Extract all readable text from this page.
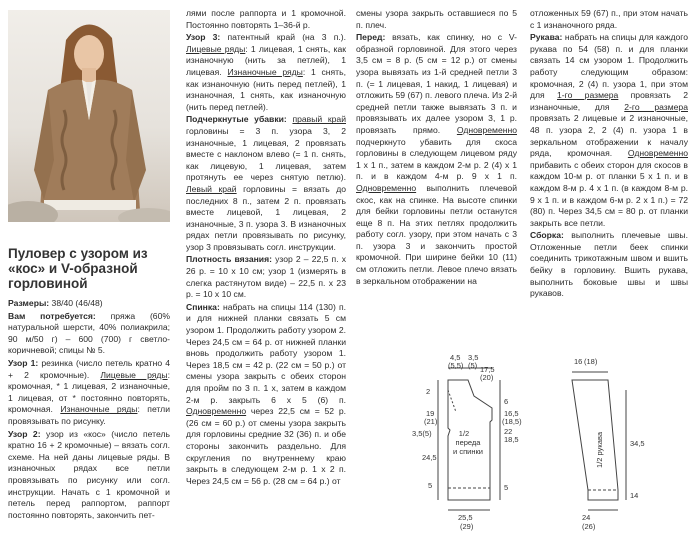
Пуловер с узором из «кос» и V-образной горловиной

Размеры: 38/40 (46/48)

Вам потребуется: пряжа (60% натуральной шерсти, 40% полиакрила; 90 м/50 г) – 600 (700) г светло-коричневой; спицы № 5.

Узор 1: резинка (число петель кратно 4 + 2 кромочные). Лицевые ряды: кромочная, * 1 лицевая, 2 изнаночные, 1 лицевая, от * постоянно повторять, кромочная. Изнаночные ряды: петли провязывать по рисунку.

Узор 2: узор из «кос» (число петель кратно 16 + 2 кромочные) – вязать согл. схеме. На ней даны лицевые ряды. В изнаночных рядах все петли провязывать по рисунку или согл. инструкции. Начать с 1 кромочной и петель перед раппортом, раппорт постоянно повторять, закончить пет-

лями после раппорта и 1 кромочной. Постоянно повторять 1–36-й р.

Узор 3: патентный край (на 3 п.). Лицевые ряды: 1 лицевая, 1 снять, как изнаночную (нить за петлей), 1 лицевая. Изнаночные ряды: 1 снять, как изнаночную (нить перед петлей), 1 изнаночная, 1 снять, как изнаночную (нить перед петлей).

Подчеркнутые убавки: правый край горловины = 3 п. узора 3, 2 изнаночные, 1 лицевая, 2 провязать вместе с наклоном влево (= 1 п. снять, как лицевую, 1 лицевая, затем протянуть ее через снятую петлю). Левый край горловины = вязать до последних 8 п., затем 2 п. провязать вместе лицевой, 1 лицевая, 2 изнаночные, 3 п. узора 3. В изнаночных рядах петли провязывать по рисунку, узор 3 провязывать согл. инструкции.

Плотность вязания: узор 2 – 22,5 п. х 26 р. = 10 х 10 см; узор 1 (измерять в слегка растянутом виде) – 22,5 п. х 23 р. = 10 х 10 см.

Спинка: набрать на спицы 114 (130) п. и для нижней планки связать 5 см узором 1. Продолжить работу узором 2. Через 24,5 см = 64 р. от нижней планки вновь продолжить работу узором 1. Через 18,5 см = 42 р. (22 см = 50 р.) от смены узора закрыть с обеих сторон для пройм по 3 п. 1 х, затем в каждом 2-м р. закрыть 6 х 5 (6) п. Одновременно через 22,5 см = 52 р. (26 см = 60 р.) от смены узора закрыть для горловины средние 32 (36) п. и обе стороны закончить раздельно. Для скругления по внутреннему краю закрыть в следующем 2-м р. 1 х 2 п. Через 24,5 см = 56 р. (28 см = 64 р.) от

смены узора закрыть оставшиеся по 5 п. плеч.

Перед: вязать, как спинку, но с V-образной горловиной. Для этого через 3,5 см = 8 р. (5 см = 12 р.) от смены узора вывязать из 1-й средней петли 3 п. (= 1 лицевая, 1 накид, 1 лицевая) и отложить 59 (67) п. левого плеча. Из 2-й средней петли также вывязать 3 п. и провязывать их далее узором 3, 1 р. провязать прямо. Одновременно подчеркнуто убавить для скоса горловины в следующем лицевом ряду 1 х 1 п., затем в каждом 2-м р. 2 (4) х 1 п. и в каждом 4-м р. 9 х 1 п. Одновременно выполнить плечевой скос, как на спинке. На высоте спинки для бейки горловины петли останутся еще 8 п. На этих петлях продолжить работу согл. узору, при этом начать с 3 п. узора 3 и закончить простой кромочной. При ширине бейки 10 (11) см отложить петли. Левое плечо вязать в зеркальном отображении на

отложенных 59 (67) п., при этом начать с 1 изнаночного ряда.

Рукава: набрать на спицы для каждого рукава по 54 (58) п. и для планки связать 14 см узором 1. Продолжить работу следующим образом: кромочная, 2 (4) п. узора 1, при этом для 1-го размера провязать 2 изнаночные, для 2-го размера провязать 2 лицевые и 2 изнаночные, 48 п. узора 2, 2 (4) п. узора 1 в зеркальном отображении к началу ряда, кромочная. Одновременно прибавить с обеих сторон для скосов в каждом 10-м р. от планки 5 х 1 п. и в каждом 8-м р. 4 х 1 п. (в каждом 8-м р. 9 х 1 п. и в каждом 6-м р. 2 х 1 п.) = 72 (80) п. Через 34,5 см = 80 р. от планки закрыть все петли.

Сборка: выполнить плечевые швы. Отложенные петли беек спинки соединить трикотажным швом и вшить бейку в горловину. Вшить рукава, выполнить боковые швы и швы рукавов.

1/2
переда
и спинки
4,5
(5,5)
3,5
(5) 17,5
(20)
2
19
(21)
3,5(5)
24,5
5
6
16,5
(18,5)
22
18,5
5
25,5
(29)
1/2 рукава
16 (18)
34,5
14
24
(26)
